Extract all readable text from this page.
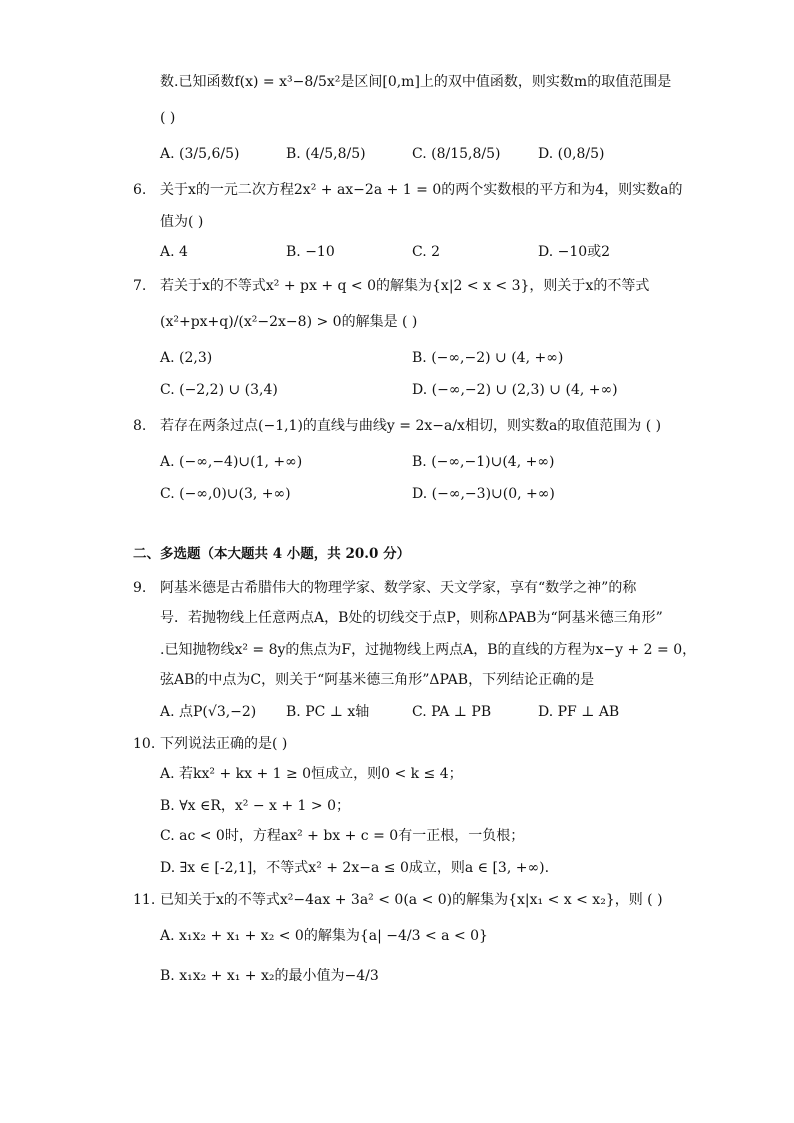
数.已知函数f(x) = x³−8/5x²是区间[0,m]上的双中值函数，则实数m的取值范围是
( )
A. (3/5,6/5)	B. (4/5,8/5)	C. (8/15,8/5)	D. (0,8/5)
6. 关于x的一元二次方程2x² + ax−2a + 1 = 0的两个实数根的平方和为4，则实数a的
值为( )
A. 4	B. −10	C. 2	D. −10或2
7. 若关于x的不等式x² + px + q < 0的解集为{x|2 < x < 3}，则关于x的不等式
(x²+px+q)/(x²−2x−8) > 0的解集是 ( )
A. (2,3)	B. (−∞,−2) ∪ (4, +∞)
C. (−2,2) ∪ (3,4)	D. (−∞,−2) ∪ (2,3) ∪ (4, +∞)
8. 若存在两条过点(−1,1)的直线与曲线y = 2x−a/x相切，则实数a的取值范围为 ( )
A. (−∞,−4)∪(1, +∞)	B. (−∞,−1)∪(4, +∞)
C. (−∞,0)∪(3, +∞)	D. (−∞,−3)∪(0, +∞)
二、多选题（本大题共 4 小题，共 20.0 分）
9. 阿基米德是古希腊伟大的物理学家、数学家、天文学家，享有“数学之神”的称
号．若抛物线上任意两点A，B处的切线交于点P，则称ΔPAB为“阿基米德三角形”
.已知抛物线x² = 8y的焦点为F，过抛物线上两点A，B的直线的方程为x−y + 2 = 0，
弦AB的中点为C，则关于“阿基米德三角形”ΔPAB，下列结论正确的是
A. 点P(√3,−2) B. PC ⊥ x轴	C. PA ⊥ PB	D. PF ⊥ AB
10. 下列说法正确的是( )
A. 若kx² + kx + 1 ≥ 0恒成立，则0 < k ≤ 4；
B. ∀x ∈R，x² − x + 1 > 0；
C. ac < 0时，方程ax² + bx + c = 0有一正根，一负根；
D. ∃x ∈ [-2,1]，不等式x² + 2x−a ≤ 0成立，则a ∈ [3, +∞).
11. 已知关于x的不等式x²−4ax + 3a² < 0(a < 0)的解集为{x|x₁ < x < x₂}，则 ( )
A. x₁x₂ + x₁ + x₂ < 0的解集为{a| −4/3 < a < 0}
B. x₁x₂ + x₁ + x₂的最小值为−4/3
